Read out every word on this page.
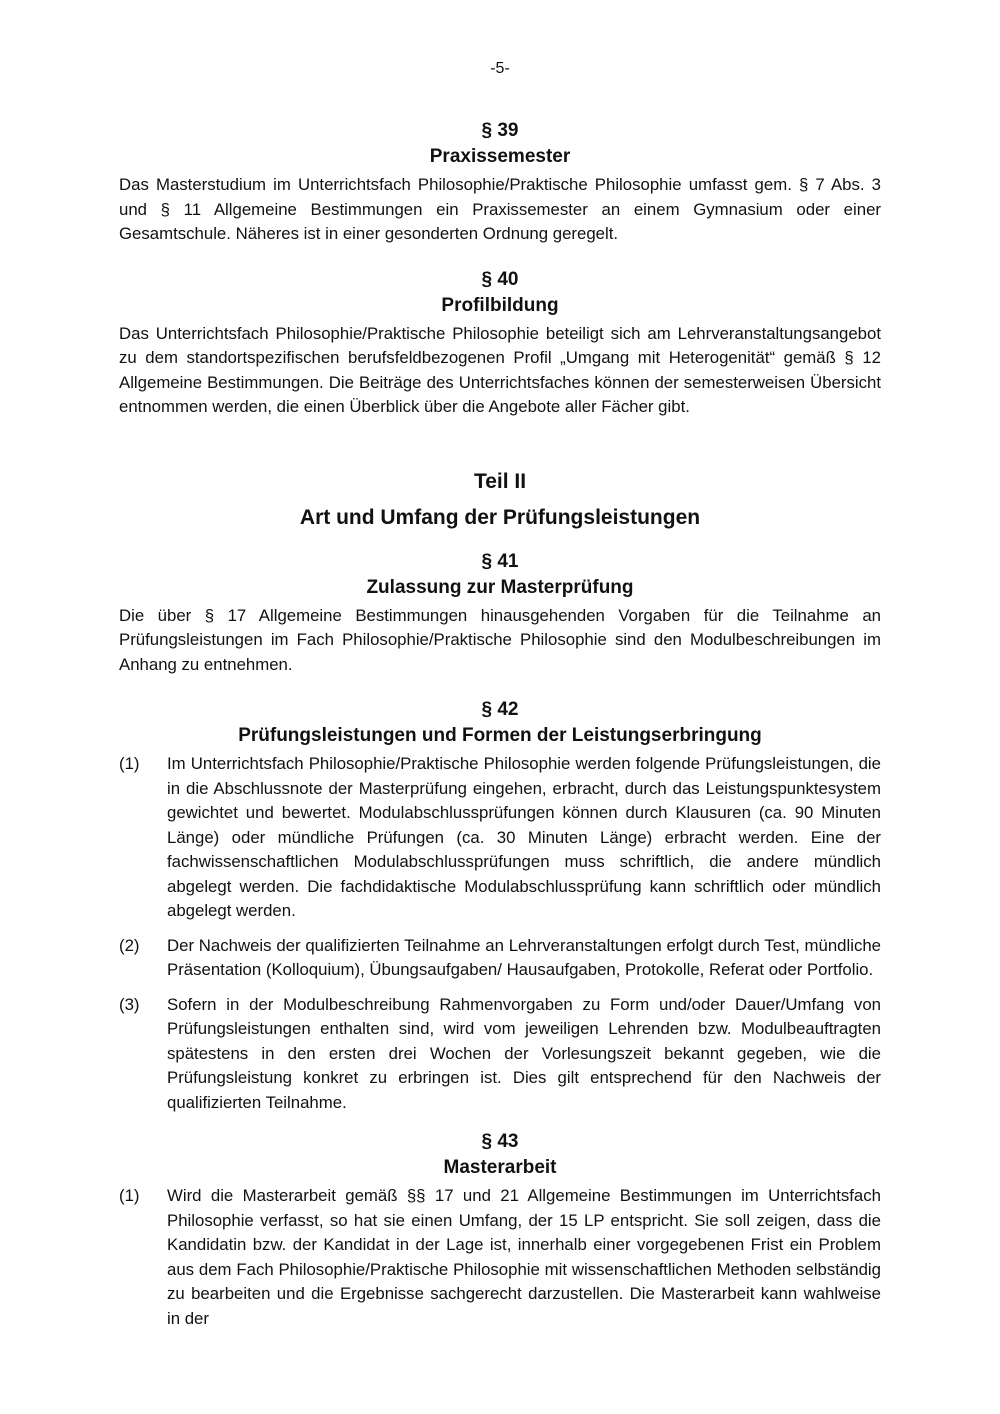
-5-
§ 39
Praxissemester

Das Masterstudium im Unterrichtsfach Philosophie/Praktische Philosophie umfasst gem. § 7 Abs. 3 und § 11 Allgemeine Bestimmungen ein Praxissemester an einem Gymnasium oder einer Gesamtschule. Näheres ist in einer gesonderten Ordnung geregelt.

§ 40
Profilbildung

Das Unterrichtsfach Philosophie/Praktische Philosophie beteiligt sich am Lehrveranstaltungsangebot zu dem standortspezifischen berufsfeldbezogenen Profil „Umgang mit Heterogenität“ gemäß § 12 Allgemeine Bestimmungen. Die Beiträge des Unterrichtsfaches können der semesterweisen Übersicht entnommen werden, die einen Überblick über die Angebote aller Fächer gibt.

Teil II
Art und Umfang der Prüfungsleistungen
§ 41
Zulassung zur Masterprüfung

Die über § 17 Allgemeine Bestimmungen hinausgehenden Vorgaben für die Teilnahme an Prüfungsleistungen im Fach Philosophie/Praktische Philosophie sind den Modulbeschreibungen im Anhang zu entnehmen.

§ 42
Prüfungsleistungen und Formen der Leistungserbringung
(1)	Im Unterrichtsfach Philosophie/Praktische Philosophie werden folgende Prüfungsleistungen, die in die Abschlussnote der Masterprüfung eingehen, erbracht, durch das Leistungspunktesystem gewichtet und bewertet. Modulabschlussprüfungen können durch Klausuren (ca. 90 Minuten Länge) oder mündliche Prüfungen (ca. 30 Minuten Länge) erbracht werden. Eine der fachwissenschaftlichen Modulabschlussprüfungen muss schriftlich, die andere mündlich abgelegt werden. Die fachdidaktische Modulabschlussprüfung kann schriftlich oder mündlich abgelegt werden.
(2)	Der Nachweis der qualifizierten Teilnahme an Lehrveranstaltungen erfolgt durch Test, mündliche Präsentation (Kolloquium), Übungsaufgaben/ Hausaufgaben, Protokolle, Referat oder Portfolio.
(3)	Sofern in der Modulbeschreibung Rahmenvorgaben zu Form und/oder Dauer/Umfang von Prüfungsleistungen enthalten sind, wird vom jeweiligen Lehrenden bzw. Modulbeauftragten spätestens in den ersten drei Wochen der Vorlesungszeit bekannt gegeben, wie die Prüfungsleistung konkret zu erbringen ist. Dies gilt entsprechend für den Nachweis der qualifizierten Teilnahme.
§ 43
Masterarbeit
(1)	Wird die Masterarbeit gemäß §§ 17 und 21 Allgemeine Bestimmungen im Unterrichtsfach Philosophie verfasst, so hat sie einen Umfang, der 15 LP entspricht. Sie soll zeigen, dass die Kandidatin bzw. der Kandidat in der Lage ist, innerhalb einer vorgegebenen Frist ein Problem aus dem Fach Philosophie/Praktische Philosophie mit wissenschaftlichen Methoden selbständig zu bearbeiten und die Ergebnisse sachgerecht darzustellen. Die Masterarbeit kann wahlweise in der
